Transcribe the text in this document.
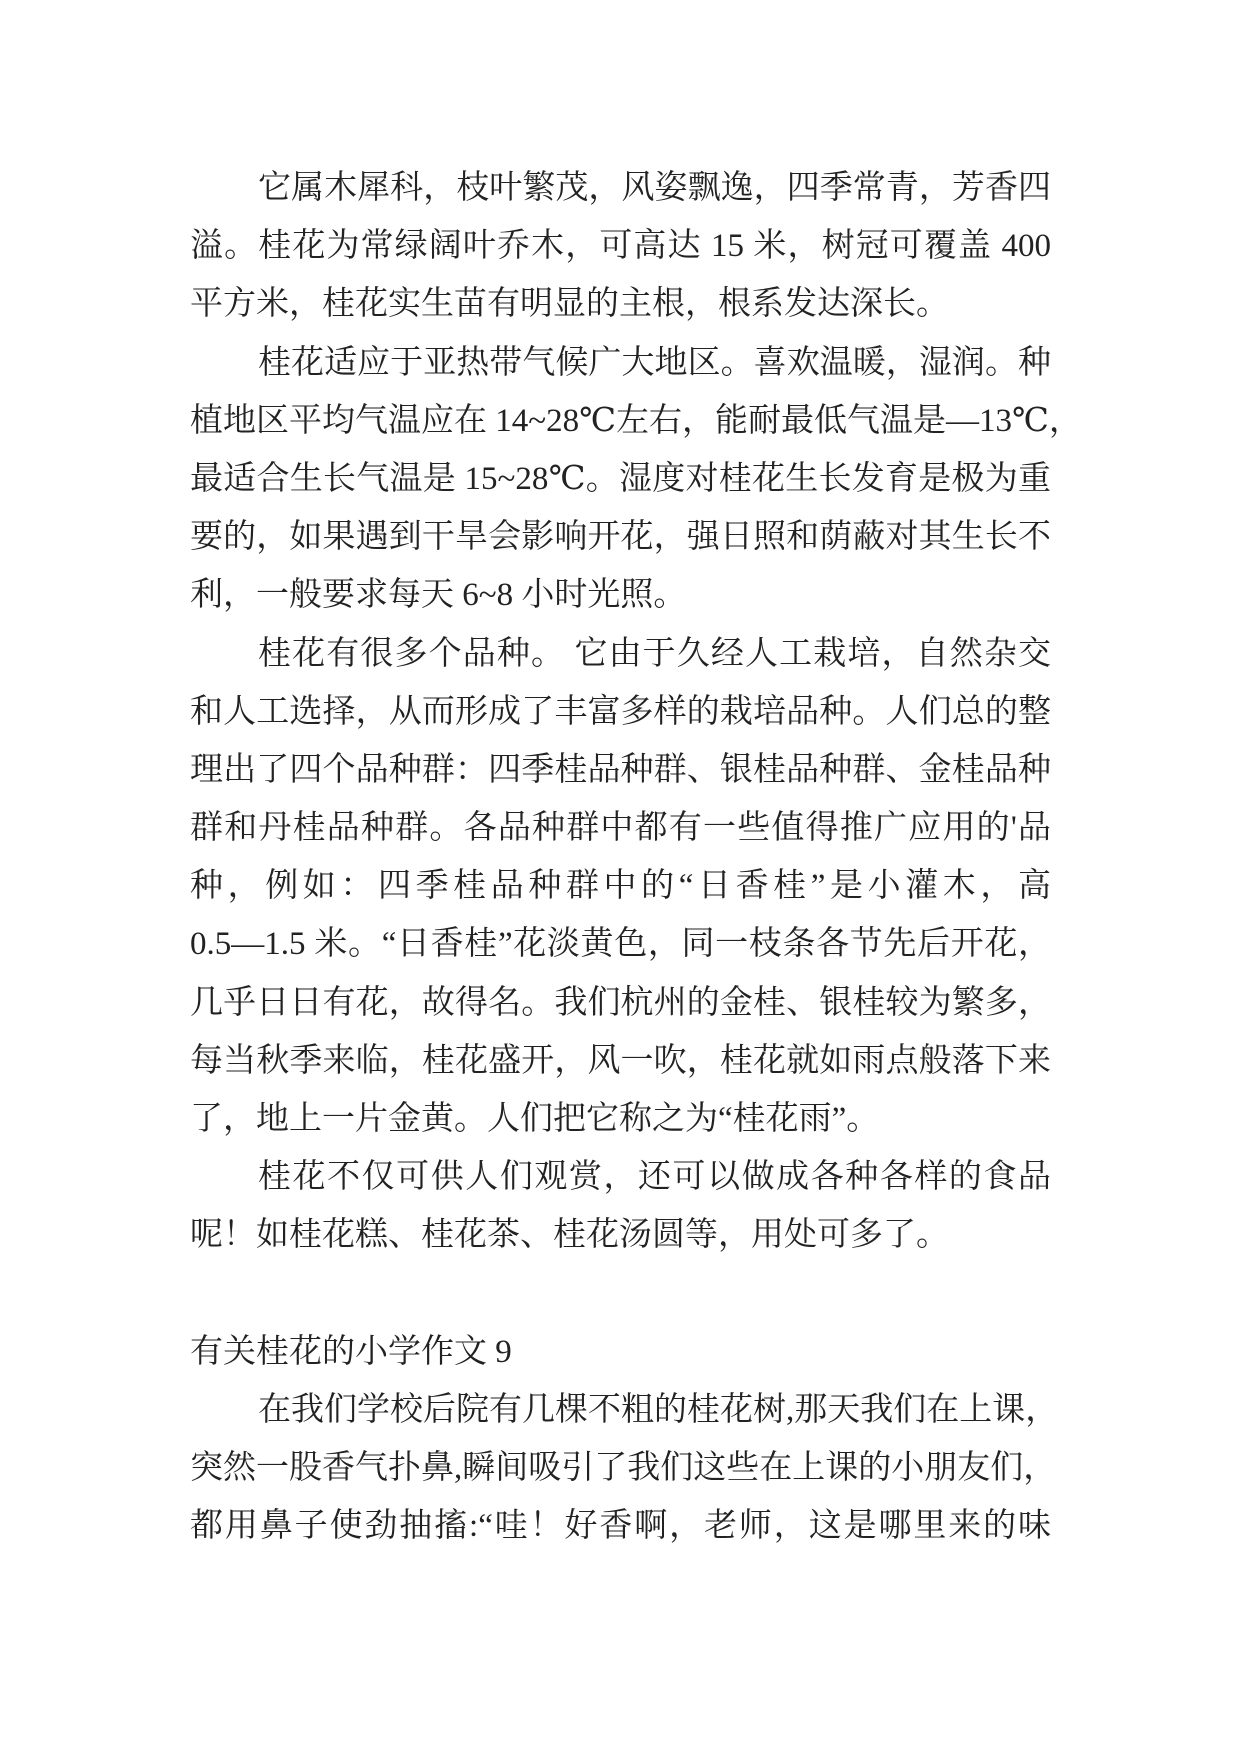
它属木犀科，枝叶繁茂，风姿飘逸，四季常青，芳香四
溢。桂花为常绿阔叶乔木，可高达 15 米，树冠可覆盖 400
平方米，桂花实生苗有明显的主根，根系发达深长。
桂花适应于亚热带气候广大地区。喜欢温暖，湿润。种
植地区平均气温应在 14~28℃左右，能耐最低气温是—13℃，
最适合生长气温是 15~28℃。湿度对桂花生长发育是极为重
要的，如果遇到干旱会影响开花，强日照和荫蔽对其生长不
利，一般要求每天 6~8 小时光照。
桂花有很多个品种。 它由于久经人工栽培，自然杂交
和人工选择，从而形成了丰富多样的栽培品种。人们总的整
理出了四个品种群：四季桂品种群、银桂品种群、金桂品种
群和丹桂品种群。各品种群中都有一些值得推广应用的'品
种，例如：四季桂品种群中的“日香桂”是小灌木，高
0.5—1.5 米。“日香桂”花淡黄色，同一枝条各节先后开花，
几乎日日有花，故得名。我们杭州的金桂、银桂较为繁多，
每当秋季来临，桂花盛开，风一吹，桂花就如雨点般落下来
了，地上一片金黄。人们把它称之为“桂花雨”。
桂花不仅可供人们观赏，还可以做成各种各样的食品
呢！如桂花糕、桂花茶、桂花汤圆等，用处可多了。
有关桂花的小学作文 9
在我们学校后院有几棵不粗的桂花树,那天我们在上课，
突然一股香气扑鼻,瞬间吸引了我们这些在上课的小朋友们，
都用鼻子使劲抽搐:“哇！好香啊，老师，这是哪里来的味
